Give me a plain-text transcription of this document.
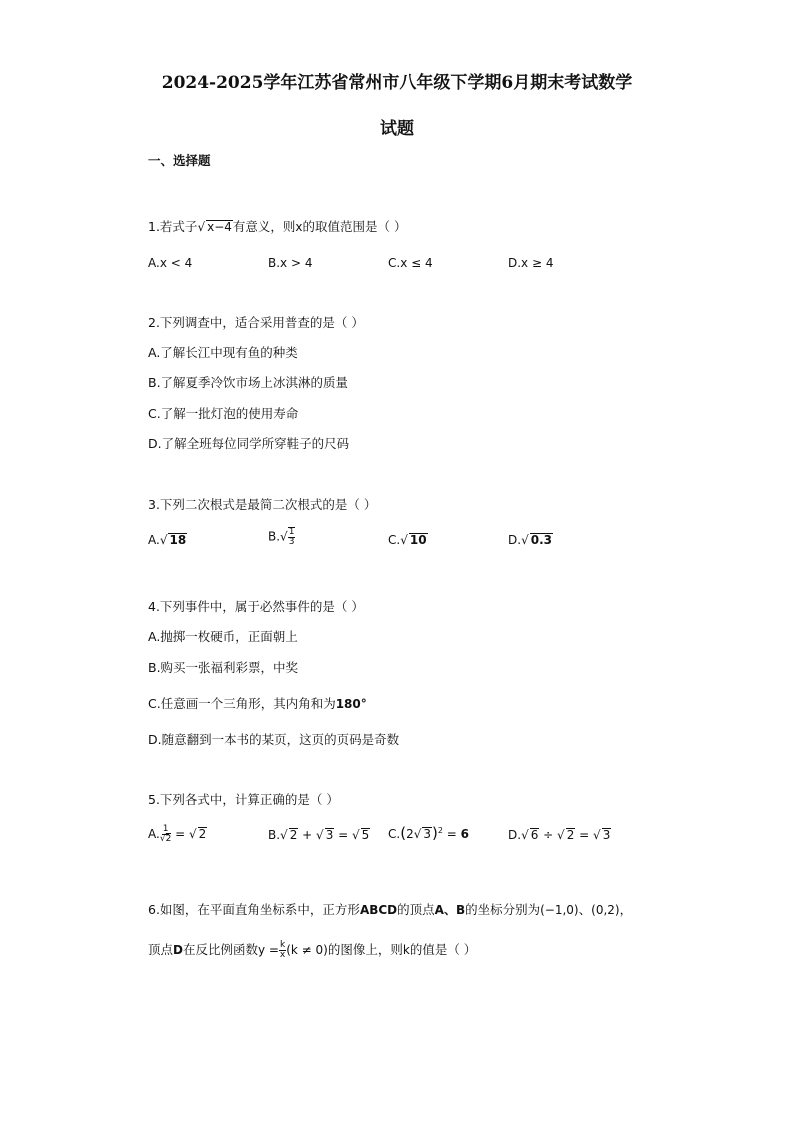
2024-2025学年江苏省常州市八年级下学期6月期末考试数学
试题
一、选择题
1.若式子√ x−4有意义，则x的取值范围是（ ）
A.x < 4	B.x > 4	C.x ≤ 4	D.x ≥ 4
2.下列调查中，适合采用普查的是（ ）
A.了解长江中现有鱼的种类
B.了解夏季冷饮市场上冰淇淋的质量
C.了解一批灯泡的使用寿命
D.了解全班每位同学所穿鞋子的尺码
3.下列二次根式是最简二次根式的是（ ）
A.√ 18	$B.√ \frac{1}{3}$	C.√ 10	D.√ 0.3
4.下列事件中，属于必然事件的是（ ）
A.抛掷一枚硬币，正面朝上
B.购买一张福利彩票，中奖
C.任意画一个三角形，其内角和为180°
D.随意翻到一本书的某页，这页的页码是奇数
5.下列各式中，计算正确的是（ ）
A. $\frac{1}{√2}$ = √ 2	B.√ 2 + √ 3 = √ 5 C.(2√ 3)$^2$ = 6	D.√ 6 ÷ √ 2 = √ 3
6.如图，在平面直角坐标系中，正方形ABCD的顶点A、B的坐标分别为(−1,0)、(0,2)，
顶点D在反比例函数$y = \frac{k}{x} (k \ne 0)$的图像上，则k的值是（ ）
